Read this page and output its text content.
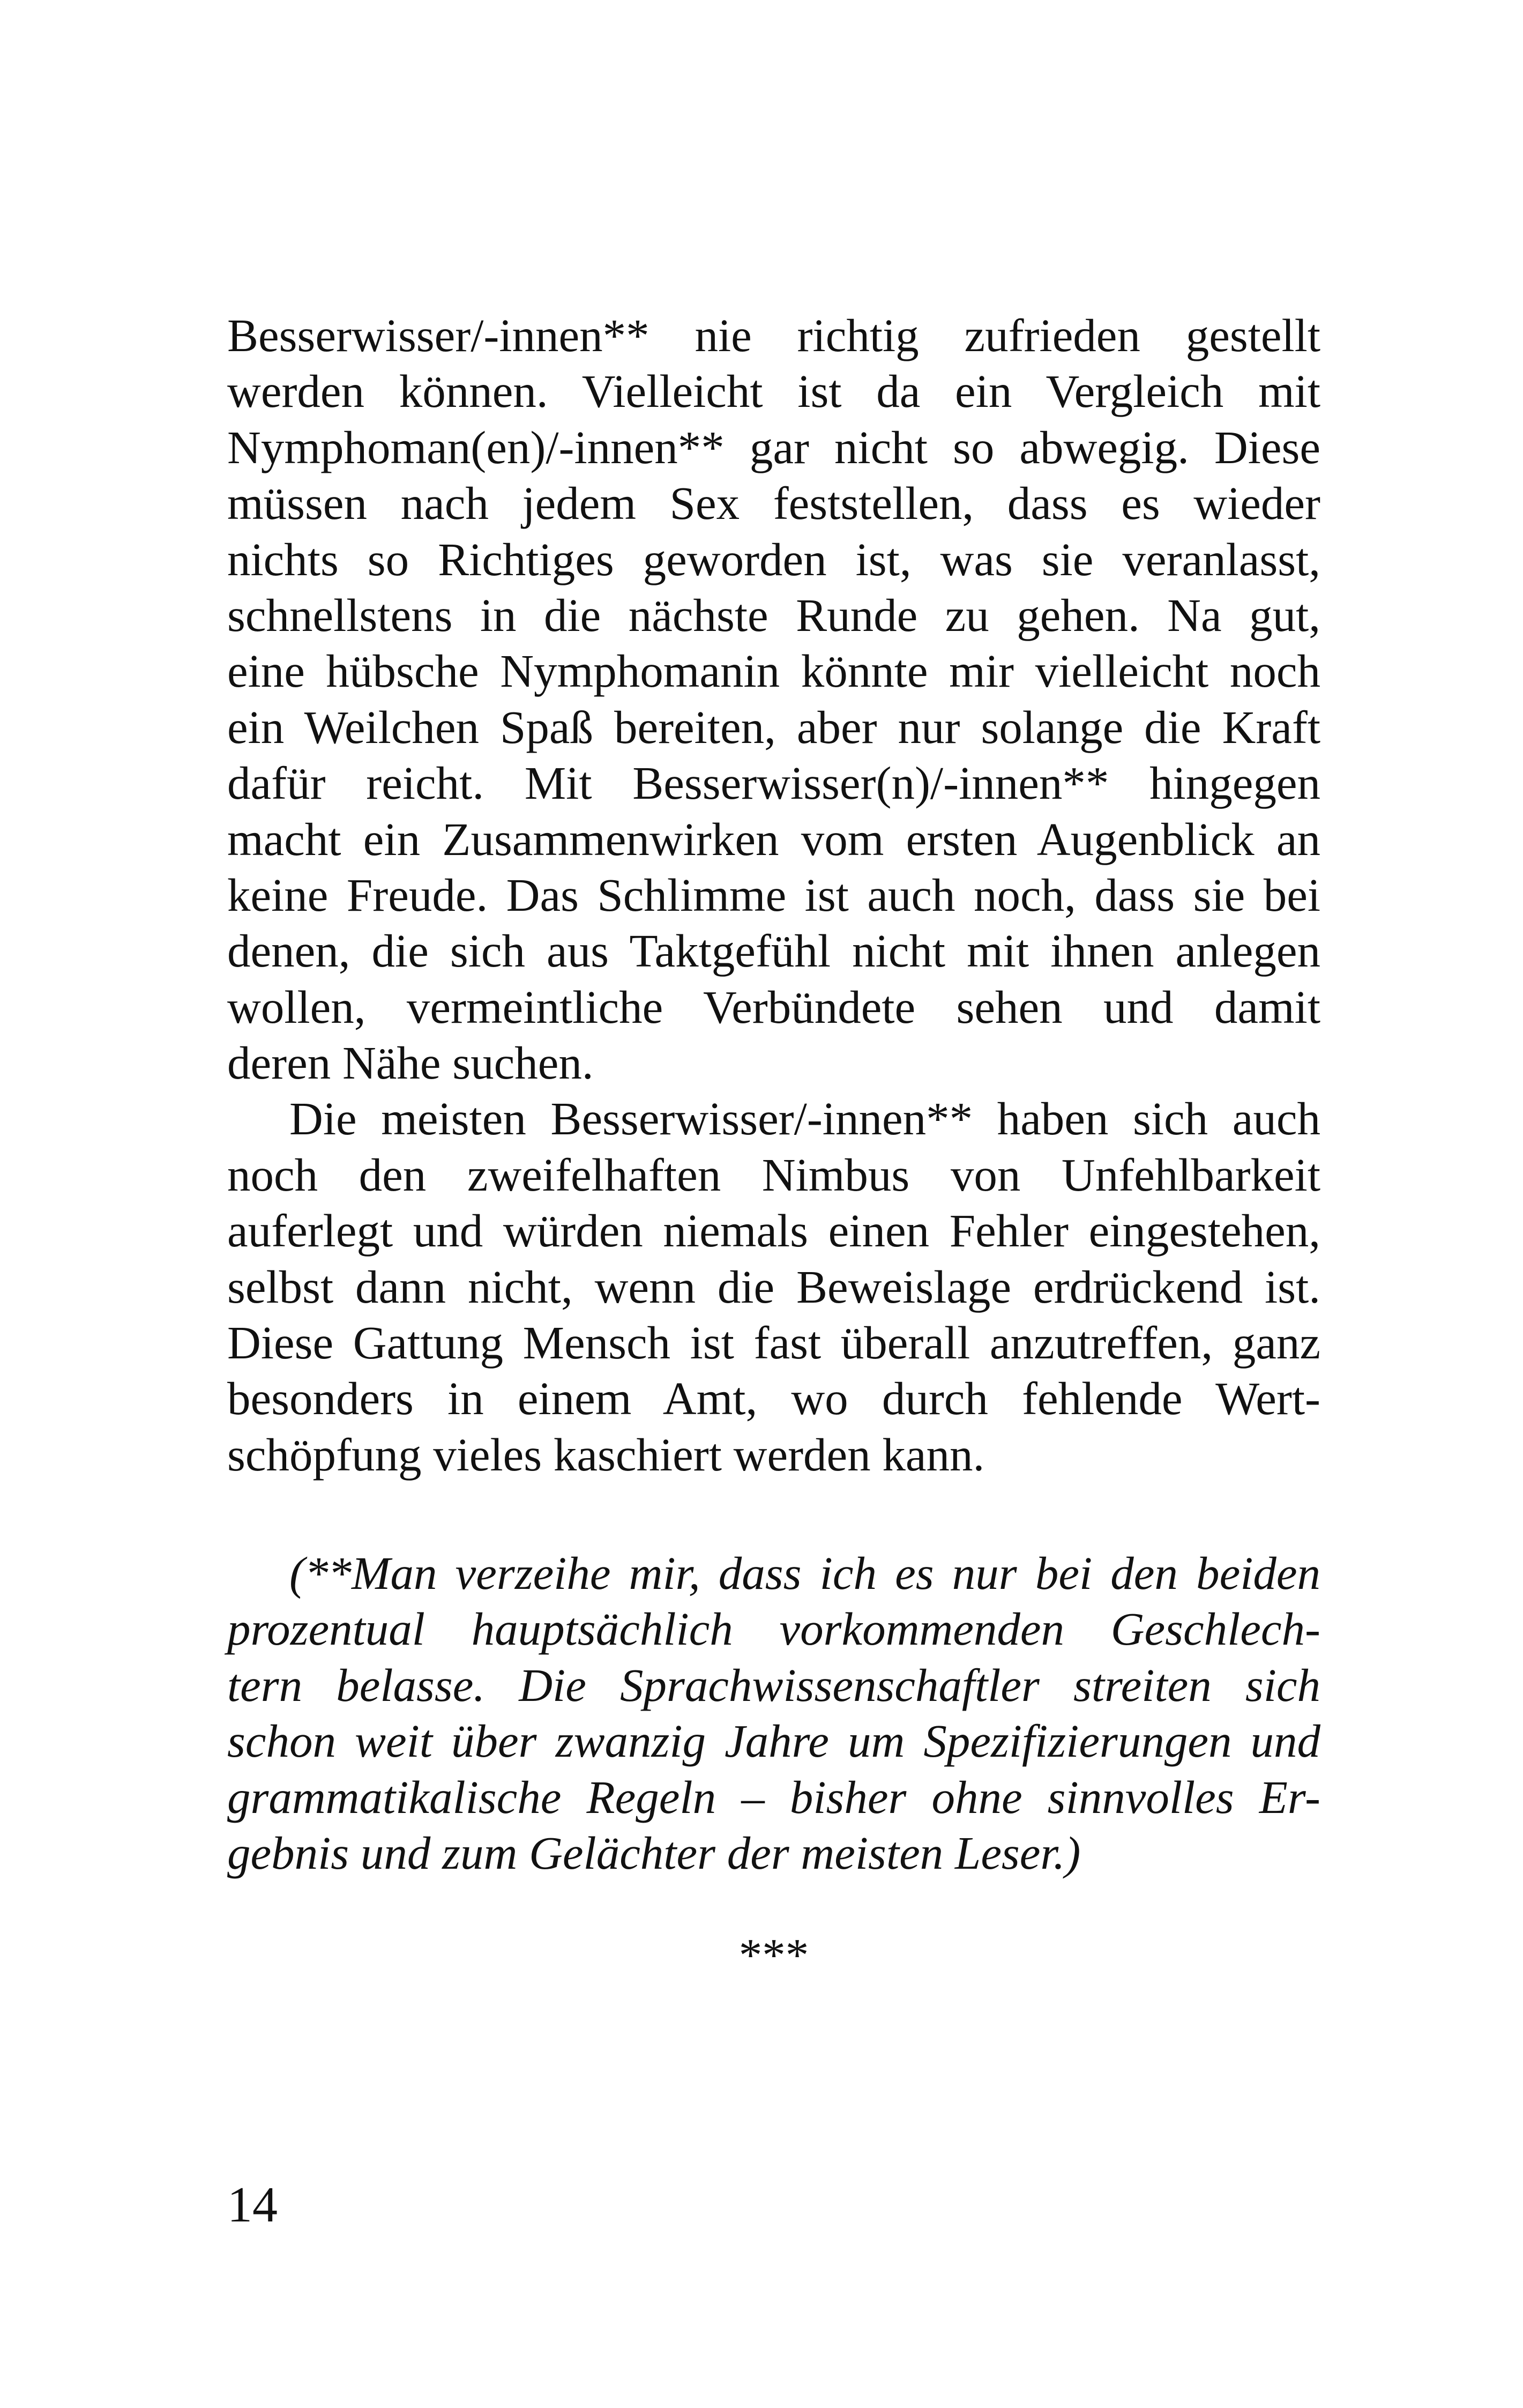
Besserwisser/-innen** nie richtig zufrieden gestellt
werden können. Vielleicht ist da ein Vergleich mit
Nymphoman(en)/-innen** gar nicht so abwegig. Diese
müssen nach jedem Sex feststellen, dass es wieder
nichts so Richtiges geworden ist, was sie veranlasst,
schnellstens in die nächste Runde zu gehen. Na gut,
eine hübsche Nymphomanin könnte mir vielleicht noch
ein Weilchen Spaß bereiten, aber nur solange die Kraft
dafür reicht. Mit Besserwisser(n)/-innen** hingegen
macht ein Zusammenwirken vom ersten Augenblick an
keine Freude. Das Schlimme ist auch noch, dass sie bei
denen, die sich aus Taktgefühl nicht mit ihnen anlegen
wollen, vermeintliche Verbündete sehen und damit
deren Nähe suchen.
Die meisten Besserwisser/-innen** haben sich auch
noch den zweifelhaften Nimbus von Unfehlbarkeit
auferlegt und würden niemals einen Fehler eingestehen,
selbst dann nicht, wenn die Beweislage erdrückend ist.
Diese Gattung Mensch ist fast überall anzutreffen, ganz
besonders in einem Amt, wo durch fehlende Wert-
schöpfung vieles kaschiert werden kann.
(**Man verzeihe mir, dass ich es nur bei den beiden
prozentual hauptsächlich vorkommenden Geschlech-
tern belasse. Die Sprachwissenschaftler streiten sich
schon weit über zwanzig Jahre um Spezifizierungen und
grammatikalische Regeln – bisher ohne sinnvolles Er-
gebnis und zum Gelächter der meisten Leser.)
***
14
